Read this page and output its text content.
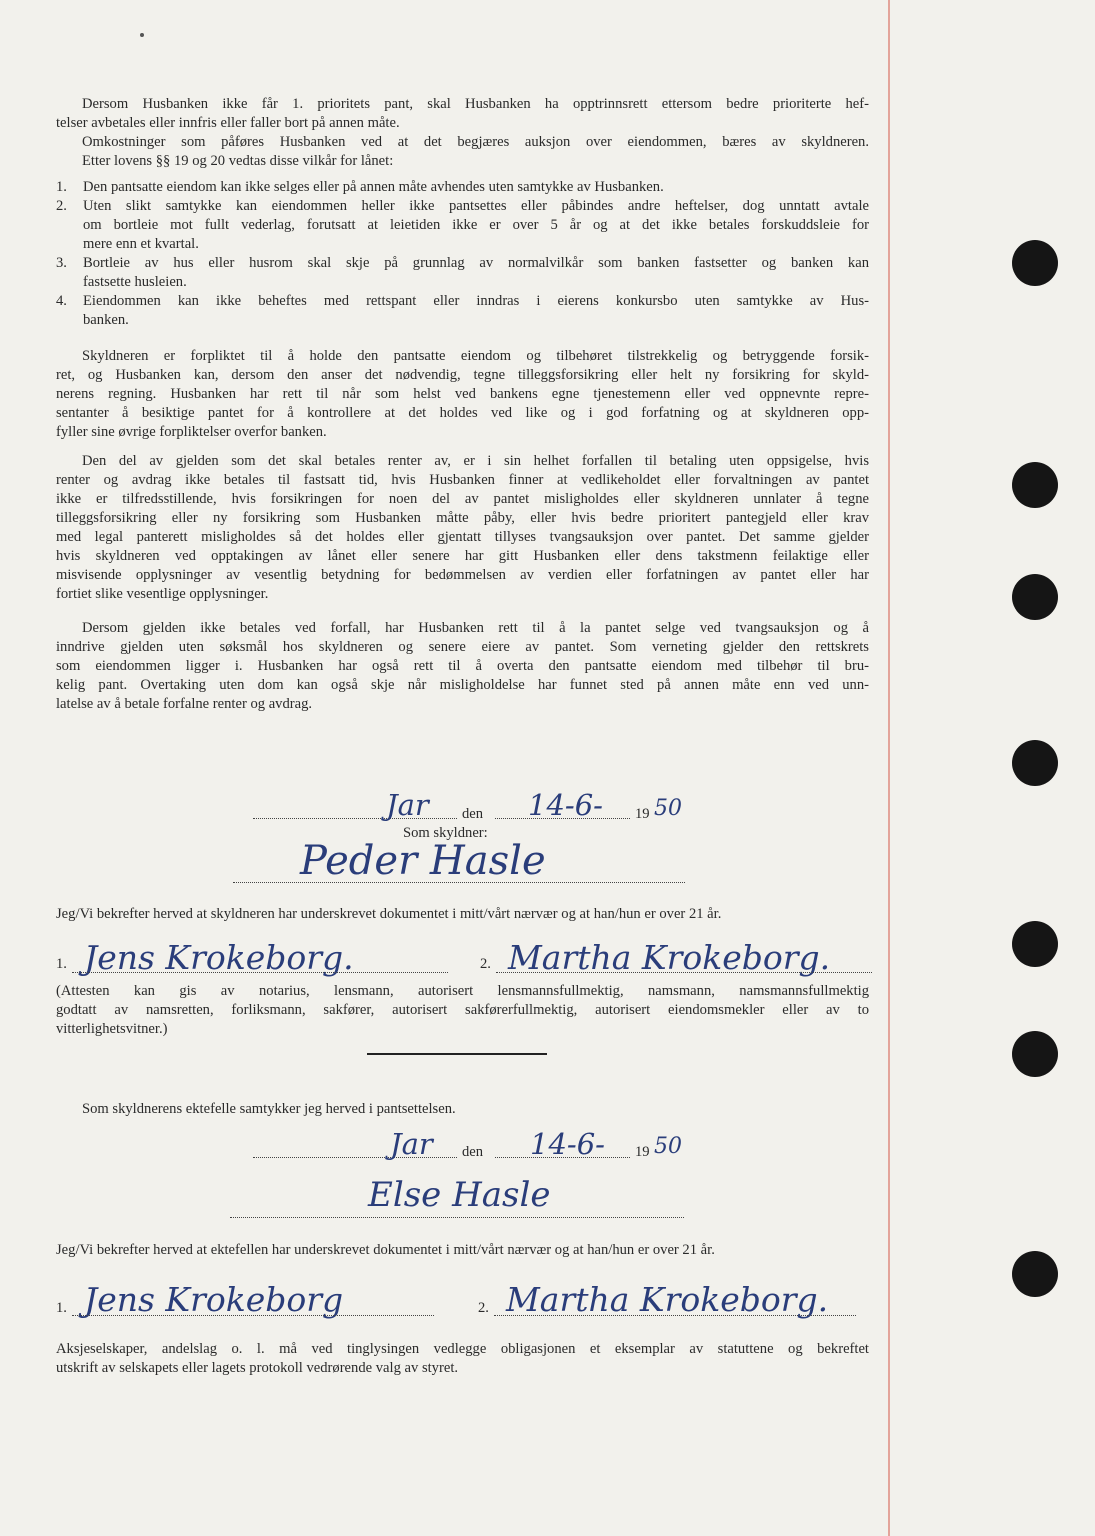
Dersom Husbanken ikke får 1. prioritets pant, skal Husbanken ha opptrinnsrett ettersom bedre prioriterte hef-
telser avbetales eller innfris eller faller bort på annen måte.
Omkostninger som påføres Husbanken ved at det begjæres auksjon over eiendommen, bæres av skyldneren.
Etter lovens §§ 19 og 20 vedtas disse vilkår for lånet:
1.	Den pantsatte eiendom kan ikke selges eller på annen måte avhendes uten samtykke av Husbanken.
2.	Uten slikt samtykke kan eiendommen heller ikke pantsettes eller påbindes andre heftelser, dog unntatt avtale
om bortleie mot fullt vederlag, forutsatt at leietiden ikke er over 5 år og at det ikke betales forskuddsleie for
mere enn et kvartal.
3.	Bortleie av hus eller husrom skal skje på grunnlag av normalvilkår som banken fastsetter og banken kan
fastsette husleien.
4.	Eiendommen kan ikke beheftes med rettspant eller inndras i eierens konkursbo uten samtykke av Hus-
banken.
Skyldneren er forpliktet til å holde den pantsatte eiendom og tilbehøret tilstrekkelig og betryggende forsik-
ret, og Husbanken kan, dersom den anser det nødvendig, tegne tilleggsforsikring eller helt ny forsikring for skyld-
nerens regning. Husbanken har rett til når som helst ved bankens egne tjenestemenn eller ved oppnevnte repre-
sentanter å besiktige pantet for å kontrollere at det holdes ved like og i god forfatning og at skyldneren opp-
fyller sine øvrige forpliktelser overfor banken.
Den del av gjelden som det skal betales renter av, er i sin helhet forfallen til betaling uten oppsigelse, hvis
renter og avdrag ikke betales til fastsatt tid, hvis Husbanken finner at vedlikeholdet eller forvaltningen av pantet
ikke er tilfredsstillende, hvis forsikringen for noen del av pantet misligholdes eller skyldneren unnlater å tegne
tilleggsforsikring eller ny forsikring som Husbanken måtte påby, eller hvis bedre prioritert pantegjeld eller krav
med legal panterett misligholdes så det holdes eller gjentatt tillyses tvangsauksjon over pantet. Det samme gjelder
hvis skyldneren ved opptakingen av lånet eller senere har gitt Husbanken eller dens takstmenn feilaktige eller
misvisende opplysninger av vesentlig betydning for bedømmelsen av verdien eller forfatningen av pantet eller har
fortiet slike vesentlige opplysninger.
Dersom gjelden ikke betales ved forfall, har Husbanken rett til å la pantet selge ved tvangsauksjon og å
inndrive gjelden uten søksmål hos skyldneren og senere eiere av pantet. Som verneting gjelder den rettskrets
som eiendommen ligger i. Husbanken har også rett til å overta den pantsatte eiendom med tilbehør til bru-
kelig pant. Overtaking uten dom kan også skje når misligholdelse har funnet sted på annen måte enn ved unn-
latelse av å betale forfalne renter og avdrag.
Jar den 14-6- 19 50
Som skyldner:
Peder Hasle
Jeg/Vi bekrefter herved at skyldneren har underskrevet dokumentet i mitt/vårt nærvær og at han/hun er over 21 år.
1. Jens Krokeborg.	2. Martha Krokeborg.
(Attesten kan gis av notarius, lensmann, autorisert lensmannsfullmektig, namsmann, namsmannsfullmektig
godtatt av namsretten, forliksmann, sakfører, autorisert sakførerfullmektig, autorisert eiendomsmekler eller av to
vitterlighetsvitner.)
Som skyldnerens ektefelle samtykker jeg herved i pantsettelsen.
Jar den 14-6- 19 50
Else Hasle
Jeg/Vi bekrefter herved at ektefellen har underskrevet dokumentet i mitt/vårt nærvær og at han/hun er over 21 år.
1. Jens Krokeborg	2. Martha Krokeborg.
Aksjeselskaper, andelslag o. l. må ved tinglysingen vedlegge obligasjonen et eksemplar av statuttene og bekreftet
utskrift av selskapets eller lagets protokoll vedrørende valg av styret.
